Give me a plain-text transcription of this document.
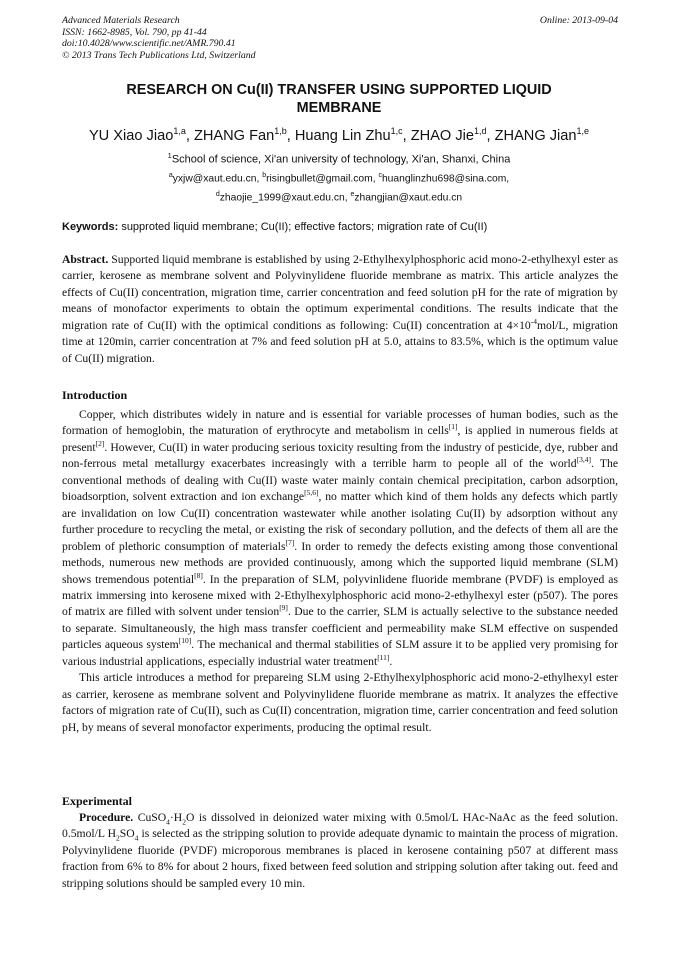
Advanced Materials Research
ISSN: 1662-8985, Vol. 790, pp 41-44
doi:10.4028/www.scientific.net/AMR.790.41
© 2013 Trans Tech Publications Ltd, Switzerland
Online: 2013-09-04
RESEARCH ON Cu(II) TRANSFER USING SUPPORTED LIQUID
MEMBRANE
YU Xiao Jiao$^{1,a}$, ZHANG Fan$^{1,b}$, Huang Lin Zhu$^{1,c}$, ZHAO Jie$^{1,d}$, ZHANG Jian$^{1,e}$
$^1$School of science, Xi'an university of technology, Xi'an, Shanxi, China
$^a$yxjw@xaut.edu.cn, $^b$risingbullet@gmail.com, $^c$huanglinzhu698@sina.com,
$^d$zhaojie_1999@xaut.edu.cn, $^e$zhangjian@xaut.edu.cn
Keywords: supproted liquid membrane; Cu(II); effective factors; migration rate of Cu(II)

Abstract. Supported liquid membrane is established by using 2-Ethylhexylphosphoric acid mono-2-ethylhexyl ester as carrier, kerosene as membrane solvent and Polyvinylidene fluoride membrane as matrix. This article analyzes the effects of Cu(II) concentration, migration time, carrier concentration and feed solution pH for the rate of migration by means of monofactor experiments to obtain the optimum experimental conditions. The results indicate that the migration rate of Cu(II) with the optimical conditions as following: Cu(II) concentration at $4\times 10^{-4}mol/L$, migration time at 120min, carrier concentration at 7% and feed solution pH at 5.0, attains to 83.5%, which is the optimum value of Cu(II) migration.

Introduction

Copper, which distributes widely in nature and is essential for variable processes of human bodies, such as the formation of hemoglobin, the maturation of erythrocyte and metabolism in cells[1], is applied in numerous fields at present[2]. However, Cu(II) in water producing serious toxicity resulting from the industry of pesticide, dye, rubber and non-ferrous metal metallurgy exacerbates increasingly with a terrible harm to people all of the world[3,4]. The conventional methods of dealing with Cu(II) waste water mainly contain chemical precipitation, carbon adsorption, bioadsorption, solvent extraction and ion exchange[5,6], no matter which kind of them holds any defects which partly are invalidation on low Cu(II) concentration wastewater while another isolating Cu(II) by adsorption without any further procedure to recycling the metal, or existing the risk of secondary pollution, and the defects of them all are the problem of plethoric consumption of materials[7]. In order to remedy the defects existing among those conventional methods, numerous new methods are provided continuously, among which the supported liquid membrane (SLM) shows tremendous potential[8]. In the preparation of SLM, polyvinlidene fluoride membrane (PVDF) is employed as matrix immersing into kerosene mixed with 2-Ethylhexylphosphoric acid mono-2-ethylhexyl ester (p507). The pores of matrix are filled with solvent under tension[9]. Due to the carrier, SLM is actually selective to the substance needed to separate. Simultaneously, the high mass transfer coefficient and permeability make SLM effective on suspended particles aqueous system[10]. The mechanical and thermal stabilities of SLM assure it to be applied very promising for various industrial applications, especially industrial water treatment[11].

This article introduces a method for prepareing SLM using 2-Ethylhexylphosphoric acid mono-2-ethylhexyl ester as carrier, kerosene as membrane solvent and Polyvinylidene fluoride membrane as matrix. It analyzes the effective factors of migration rate of Cu(II), such as Cu(II) concentration, migration time, carrier concentration and feed solution pH, by means of several monofactor experiments, producing the optimal result.

Experimental

Procedure. $CuSO_4\cdot H_2O$ is dissolved in deionized water mixing with 0.5mol/L HAc-NaAc as the feed solution. 0.5mol/L $H_2SO_4$ is selected as the stripping solution to provide adequate dynamic to maintain the process of migration. Polyvinylidene fluoride (PVDF) microporous membranes is placed in kerosene containing p507 at different mass fraction from 6% to 8% for about 2 hours, fixed between feed solution and stripping solution after taking out. feed and stripping solutions should be sampled every 10 min.
